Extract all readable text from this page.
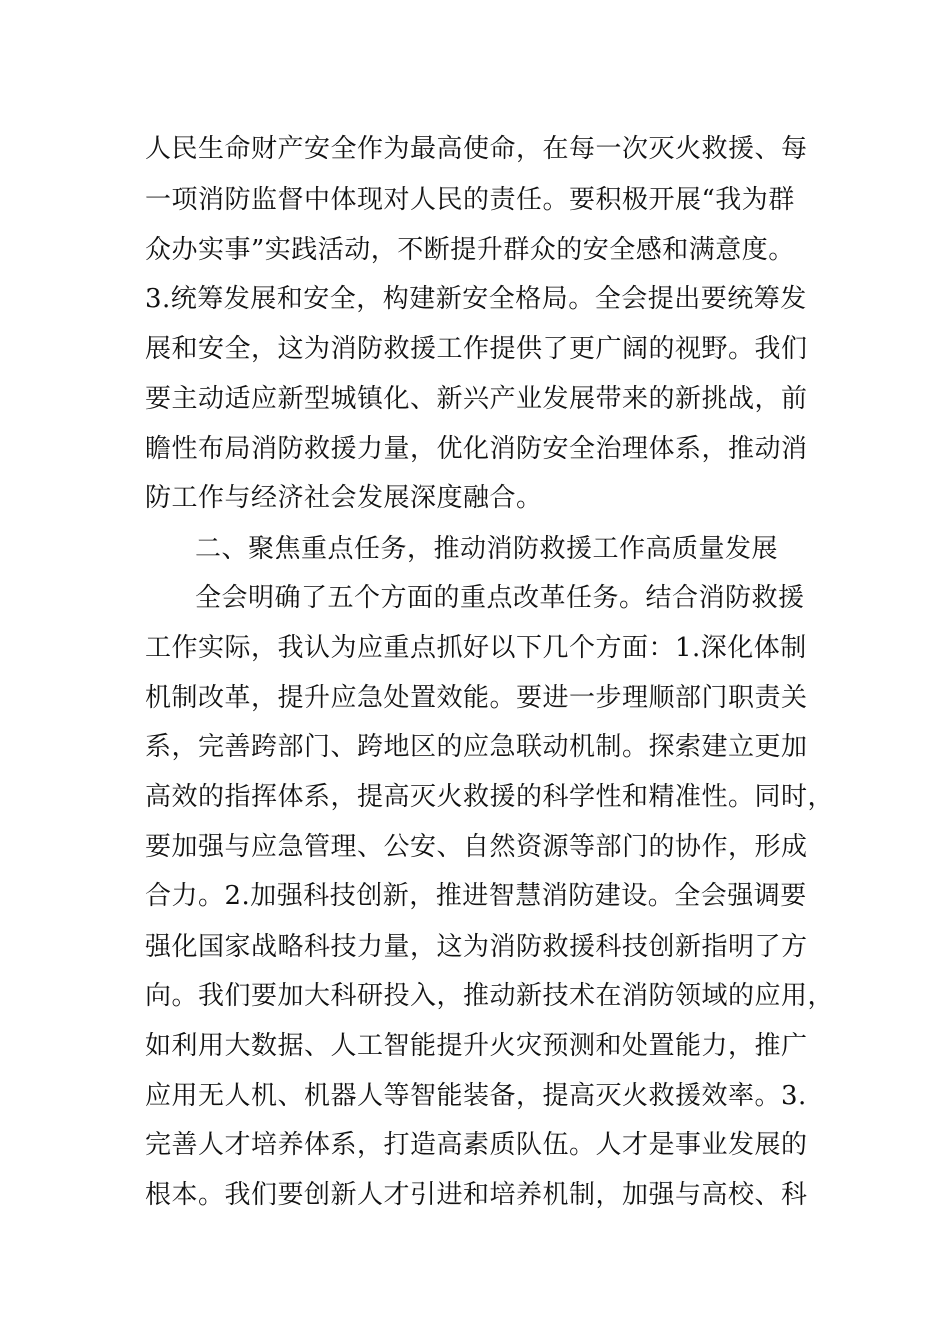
人民生命财产安全作为最高使命，在每一次灭火救援、每
一项消防监督中体现对人民的责任。要积极开展“我为群
众办实事”实践活动，不断提升群众的安全感和满意度。
3.统筹发展和安全，构建新安全格局。全会提出要统筹发
展和安全，这为消防救援工作提供了更广阔的视野。我们
要主动适应新型城镇化、新兴产业发展带来的新挑战，前
瞻性布局消防救援力量，优化消防安全治理体系，推动消
防工作与经济社会发展深度融合。
二、聚焦重点任务，推动消防救援工作高质量发展
全会明确了五个方面的重点改革任务。结合消防救援
工作实际，我认为应重点抓好以下几个方面：1.深化体制
机制改革，提升应急处置效能。要进一步理顺部门职责关
系，完善跨部门、跨地区的应急联动机制。探索建立更加
高效的指挥体系，提高灭火救援的科学性和精准性。同时，
要加强与应急管理、公安、自然资源等部门的协作，形成
合力。2.加强科技创新，推进智慧消防建设。全会强调要
强化国家战略科技力量，这为消防救援科技创新指明了方
向。我们要加大科研投入，推动新技术在消防领域的应用，
如利用大数据、人工智能提升火灾预测和处置能力，推广
应用无人机、机器人等智能装备，提高灭火救援效率。3.
完善人才培养体系，打造高素质队伍。人才是事业发展的
根本。我们要创新人才引进和培养机制，加强与高校、科
